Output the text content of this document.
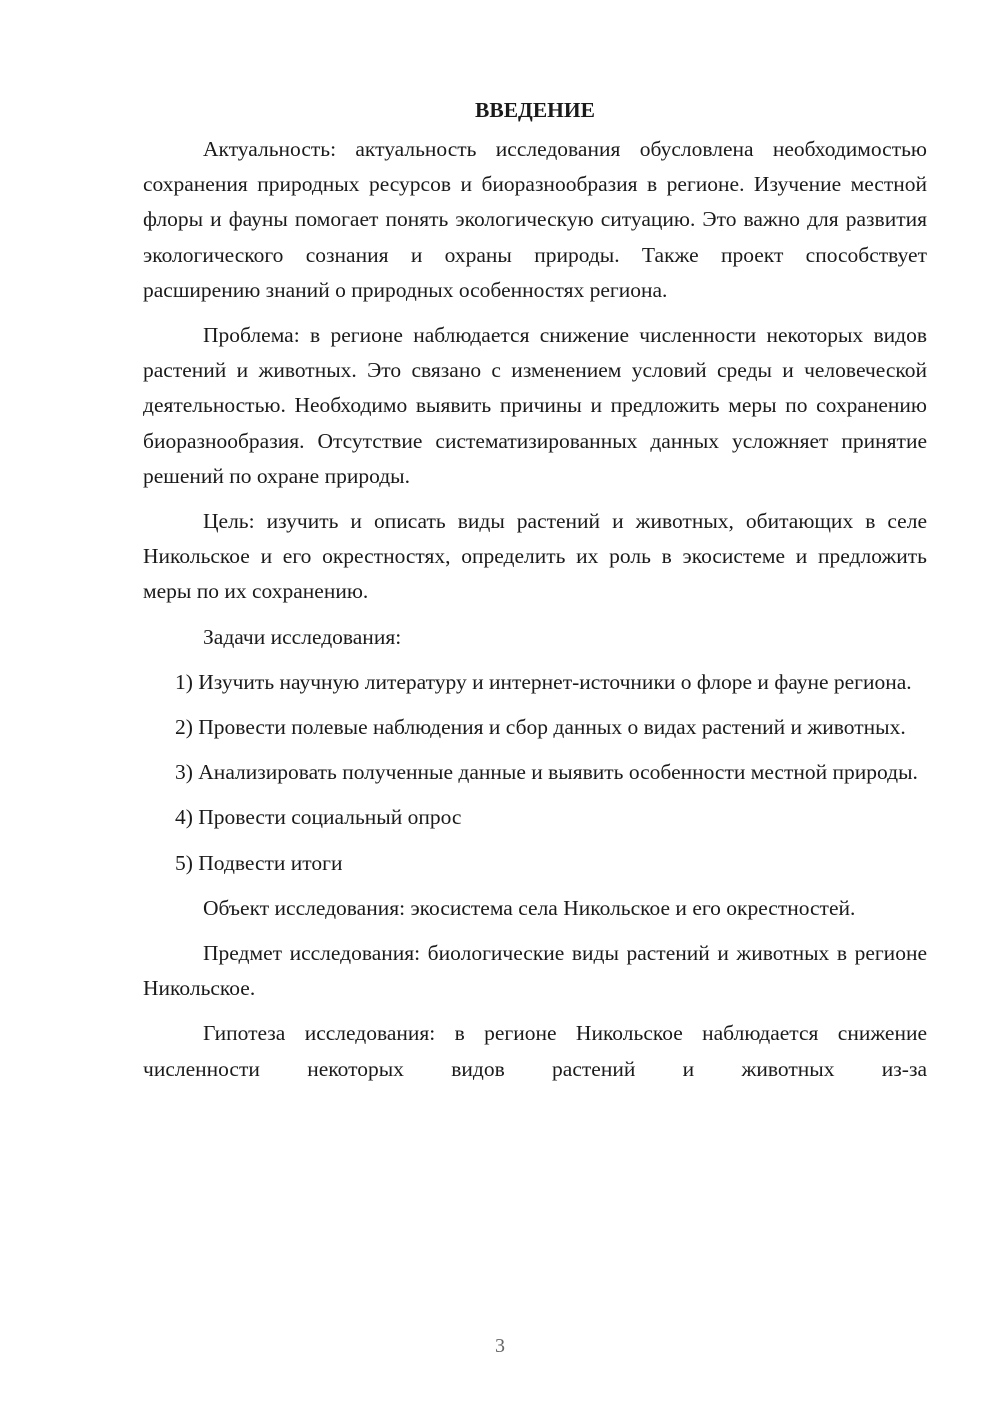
ВВЕДЕНИЕ

Актуальность: актуальность исследования обусловлена необходимостью сохранения природных ресурсов и биоразнообразия в регионе. Изучение местной флоры и фауны помогает понять экологическую ситуацию. Это важно для развития экологического сознания и охраны природы. Также проект способствует расширению знаний о природных особенностях региона.

Проблема: в регионе наблюдается снижение численности некоторых видов растений и животных. Это связано с изменением условий среды и человеческой деятельностью. Необходимо выявить причины и предложить меры по сохранению биоразнообразия. Отсутствие систематизированных данных усложняет принятие решений по охране природы.

Цель: изучить и описать виды растений и животных, обитающих в селе Никольское и его окрестностях, определить их роль в экосистеме и предложить меры по их сохранению.

Задачи исследования:

1) Изучить научную литературу и интернет-источники о флоре и фауне региона.

2) Провести полевые наблюдения и сбор данных о видах растений и животных.

3) Анализировать полученные данные и выявить особенности местной природы.

4) Провести социальный опрос

5) Подвести итоги

Объект исследования: экосистема села Никольское и его окрестностей.

Предмет исследования: биологические виды растений и животных в регионе Никольское.

Гипотеза исследования: в регионе Никольское наблюдается снижение численности некоторых видов растений и животных из-за

3
